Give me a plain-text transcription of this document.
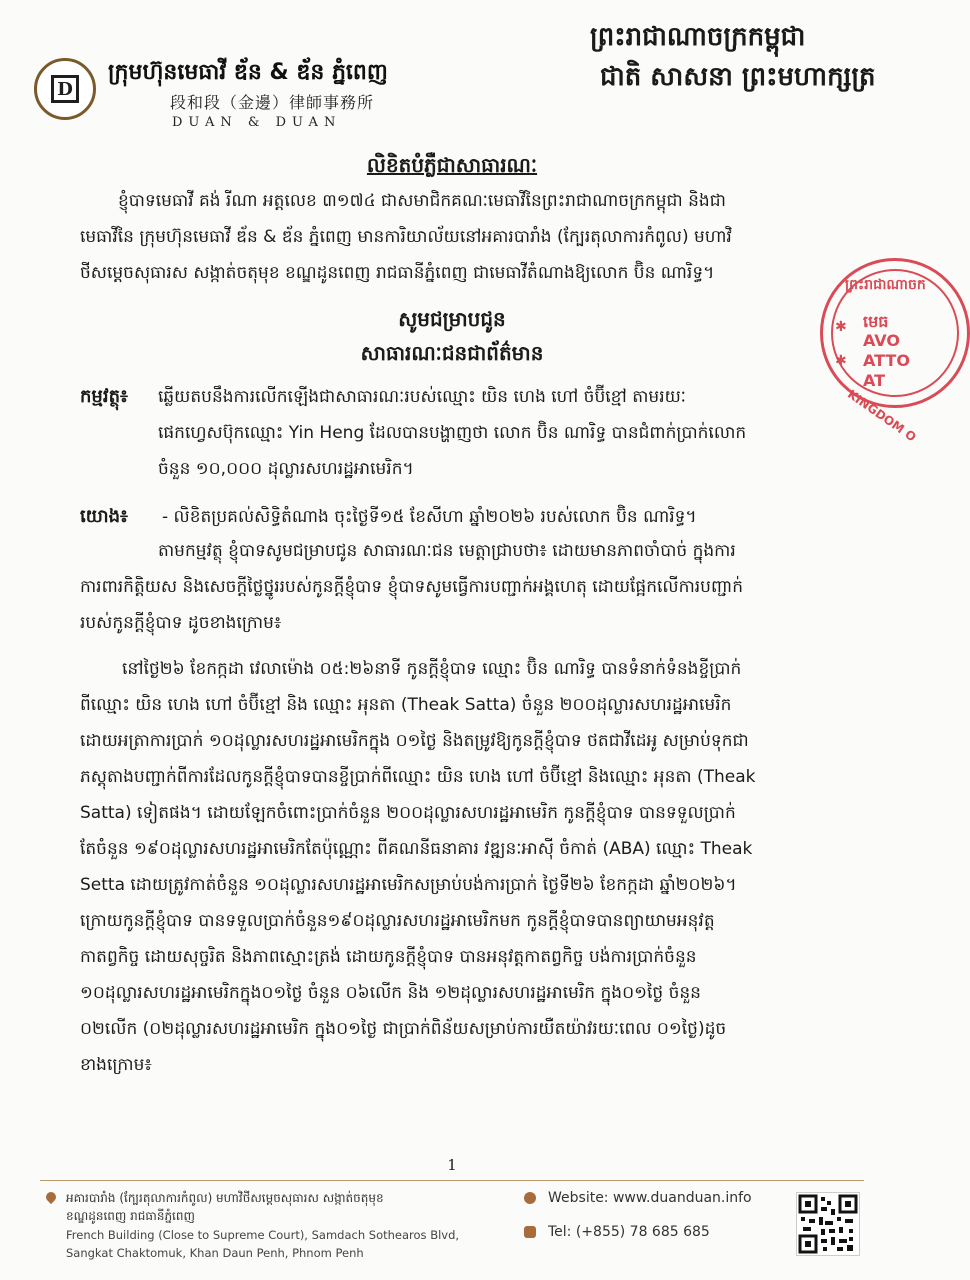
D
ក្រុមហ៊ុនមេធាវី ឌ័ន & ឌ័ន ភ្នំពេញ
段和段（金邊）律師事務所
DUAN & DUAN
ព្រះរាជាណាចក្រកម្ពុជា
ជាតិ សាសនា ព្រះមហាក្សត្រ
ព្រះរាជាណាចក
✱
✱
មេធ
AVO
ATTO
AT
KINGDOM O
លិខិតបំភ្លឺជាសាធារណៈ
ខ្ញុំបាទមេធាវី គង់ រីណា អត្តលេខ ៣១៧៤ ជាសមាជិកគណៈមេធាវីនៃព្រះរាជាណាចក្រកម្ពុជា និងជា
មេធាវីនៃ ក្រុមហ៊ុនមេធាវី ឌ័ន & ឌ័ន ភ្នំពេញ មានការិយាល័យនៅអគារបារាំង (ក្បែរតុលាការកំពូល) មហាវិ
ថីសម្តេចសុធារស សង្កាត់ចតុមុខ ខណ្ឌដូនពេញ រាជធានីភ្នំពេញ ជាមេធាវីតំណាងឱ្យលោក ប៊ិន ណារិទ្ធ។
សូមជម្រាបជូន
សាធារណៈជនជាព័ត៌មាន
កម្មវត្ថុ៖ ឆ្លើយតបនឹងការលើកឡើងជាសាធារណៈរបស់ឈ្មោះ យិន ហេង ហៅ ចំប៊ីខ្មៅ តាមរយៈ
ផេកហ្វេសប៊ុកឈ្មោះ Yin Heng ដែលបានបង្ហាញថា លោក ប៊ិន ណារិទ្ធ បានជំពាក់ប្រាក់លោក
ចំនួន ១០,០០០ ដុល្លារសហរដ្ឋអាមេរិក។
យោង៖ - លិខិតប្រគល់សិទ្ធិតំណាង ចុះថ្ងៃទី១៥ ខែសីហា ឆ្នាំ២០២៦ របស់លោក ប៊ិន ណារិទ្ធ។
តាមកម្មវត្ថុ ខ្ញុំបាទសូមជម្រាបជូន សាធារណៈជន មេត្តាជ្រាបថា៖ ដោយមានភាពចាំបាច់ ក្នុងការ
ការពារកិត្តិយស និងសេចក្តីថ្លៃថ្នូររបស់កូនក្តីខ្ញុំបាទ ខ្ញុំបាទសូមធ្វើការបញ្ជាក់អង្គហេតុ ដោយផ្អែកលើការបញ្ជាក់
របស់កូនក្តីខ្ញុំបាទ ដូចខាងក្រោម៖
នៅថ្ងៃ២៦ ខែកក្កដា វេលាម៉ោង ០៥:២៦នាទី កូនក្តីខ្ញុំបាទ ឈ្មោះ ប៊ិន ណារិទ្ធ បានទំនាក់ទំនងខ្ចីប្រាក់
ពីឈ្មោះ យិន ហេង ហៅ ចំប៊ីខ្មៅ និង ឈ្មោះ អុនតា (Theak Satta) ចំនួន ២០០ដុល្លារសហរដ្ឋអាមេរិក
ដោយអត្រាការប្រាក់ ១០ដុល្លារសហរដ្ឋអាមេរិកក្នុង ០១ថ្ងៃ និងតម្រូវឱ្យកូនក្តីខ្ញុំបាទ ថតជាវីដេអូ សម្រាប់ទុកជា
ភស្តុតាងបញ្ជាក់ពីការដែលកូនក្តីខ្ញុំបាទបានខ្ចីប្រាក់ពីឈ្មោះ យិន ហេង ហៅ ចំប៊ីខ្មៅ និងឈ្មោះ អុនតា (Theak
Satta) ទៀតផង។ ដោយឡែកចំពោះប្រាក់ចំនួន ២០០ដុល្លារសហរដ្ឋអាមេរិក កូនក្តីខ្ញុំបាទ បានទទួលប្រាក់
តែចំនួន ១៩០ដុល្លារសហរដ្ឋអាមេរិកតែប៉ុណ្ណោះ ពីគណនីធនាគារ វឌ្ឍនៈអាស៊ី ចំកាត់ (ABA) ឈ្មោះ Theak
Setta ដោយត្រូវកាត់ចំនួន ១០ដុល្លារសហរដ្ឋអាមេរិកសម្រាប់បង់ការប្រាក់ ថ្ងៃទី២៦ ខែកក្កដា ឆ្នាំ២០២៦។
ក្រោយកូនក្តីខ្ញុំបាទ បានទទួលប្រាក់ចំនួន១៩០ដុល្លារសហរដ្ឋអាមេរិកមក កូនក្តីខ្ញុំបាទបានព្យាយាមអនុវត្ត
កាតព្វកិច្ច ដោយសុច្ចរិត និងភាពស្មោះត្រង់ ដោយកូនក្តីខ្ញុំបាទ បានអនុវត្តកាតព្វកិច្ច បង់ការប្រាក់ចំនួន
១០ដុល្លារសហរដ្ឋអាមេរិកក្នុង០១ថ្ងៃ ចំនួន ០៦លើក និង ១២ដុល្លារសហរដ្ឋអាមេរិក ក្នុង០១ថ្ងៃ ចំនួន
០២លើក (០២ដុល្លារសហរដ្ឋអាមេរិក ក្នុង០១ថ្ងៃ ជាប្រាក់ពិន័យសម្រាប់ការយឺតយ៉ាវរយៈពេល ០១ថ្ងៃ)ដូច
ខាងក្រោម៖
1
អគារបារាំង (ក្បែរតុលាការកំពូល) មហាវិថីសម្តេចសុធារស សង្កាត់ចតុមុខ
ខណ្ឌដូនពេញ រាជធានីភ្នំពេញ
French Building (Close to Supreme Court), Samdach Sothearos Blvd,
Sangkat Chaktomuk, Khan Daun Penh, Phnom Penh
Website: www.duanduan.info
Tel: (+855) 78 685 685
